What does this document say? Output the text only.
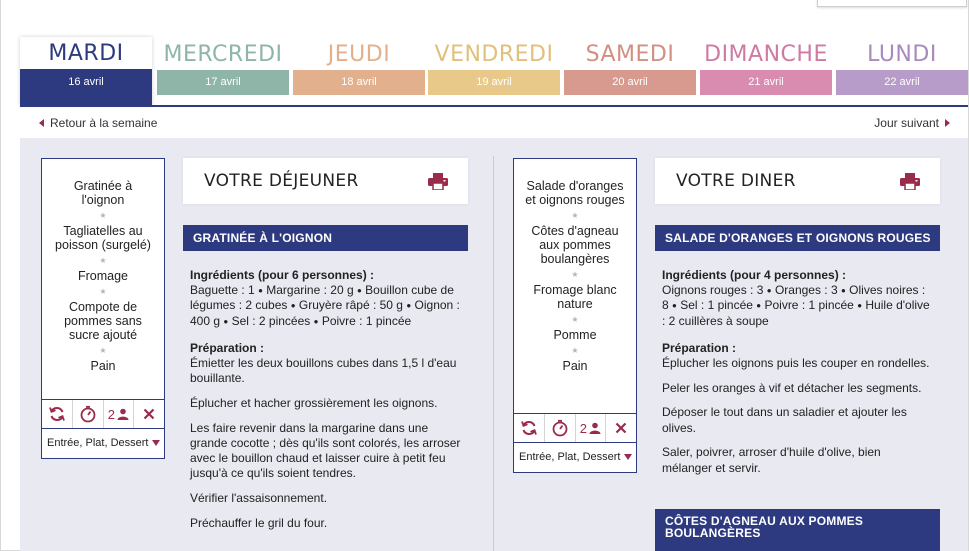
MARDI
16 avril
MERCREDI
17 avril
JEUDI
18 avril
VENDREDI
19 avril
SAMEDI
20 avril
DIMANCHE
21 avril
LUNDI
22 avril
Retour à la semaine	Jour suivant
Gratinée à l'oignon
★
Tagliatelles au poisson (surgelé)
★
Fromage
★
Compote de pommes sans sucre ajouté
★
Pain
2
Entrée, Plat, Dessert
VOTRE DÉJEUNER
GRATINÉE À L'OIGNON
Ingrédients (pour 6 personnes) :
Baguette : 1 ● Margarine : 20 g ● Bouillon cube de légumes : 2 cubes ● Gruyère râpé : 50 g ● Oignon : 400 g ● Sel : 2 pincées ● Poivre : 1 pincée
Préparation :

Émietter les deux bouillons cubes dans 1,5 l d'eau bouillante.

Éplucher et hacher grossièrement les oignons.

Les faire revenir dans la margarine dans une grande cocotte ; dès qu'ils sont colorés, les arroser avec le bouillon chaud et laisser cuire à petit feu jusqu'à ce qu'ils soient tendres.

Vérifier l'assaisonnement.

Préchauffer le gril du four.

Salade d'oranges et oignons rouges
★
Côtes d'agneau aux pommes boulangères
★
Fromage blanc nature
★
Pomme
★
Pain
2
Entrée, Plat, Dessert
VOTRE DINER
SALADE D'ORANGES ET OIGNONS ROUGES
Ingrédients (pour 4 personnes) :
Oignons rouges : 3 ● Oranges : 3 ● Olives noires : 8 ● Sel : 1 pincée ● Poivre : 1 pincée ● Huile d'olive : 2 cuillères à soupe
Préparation :

Éplucher les oignons puis les couper en rondelles.

Peler les oranges à vif et détacher les segments.

Déposer le tout dans un saladier et ajouter les olives.

Saler, poivrer, arroser d'huile d'olive, bien mélanger et servir.

CÔTES D'AGNEAU AUX POMMES BOULANGÈRES
